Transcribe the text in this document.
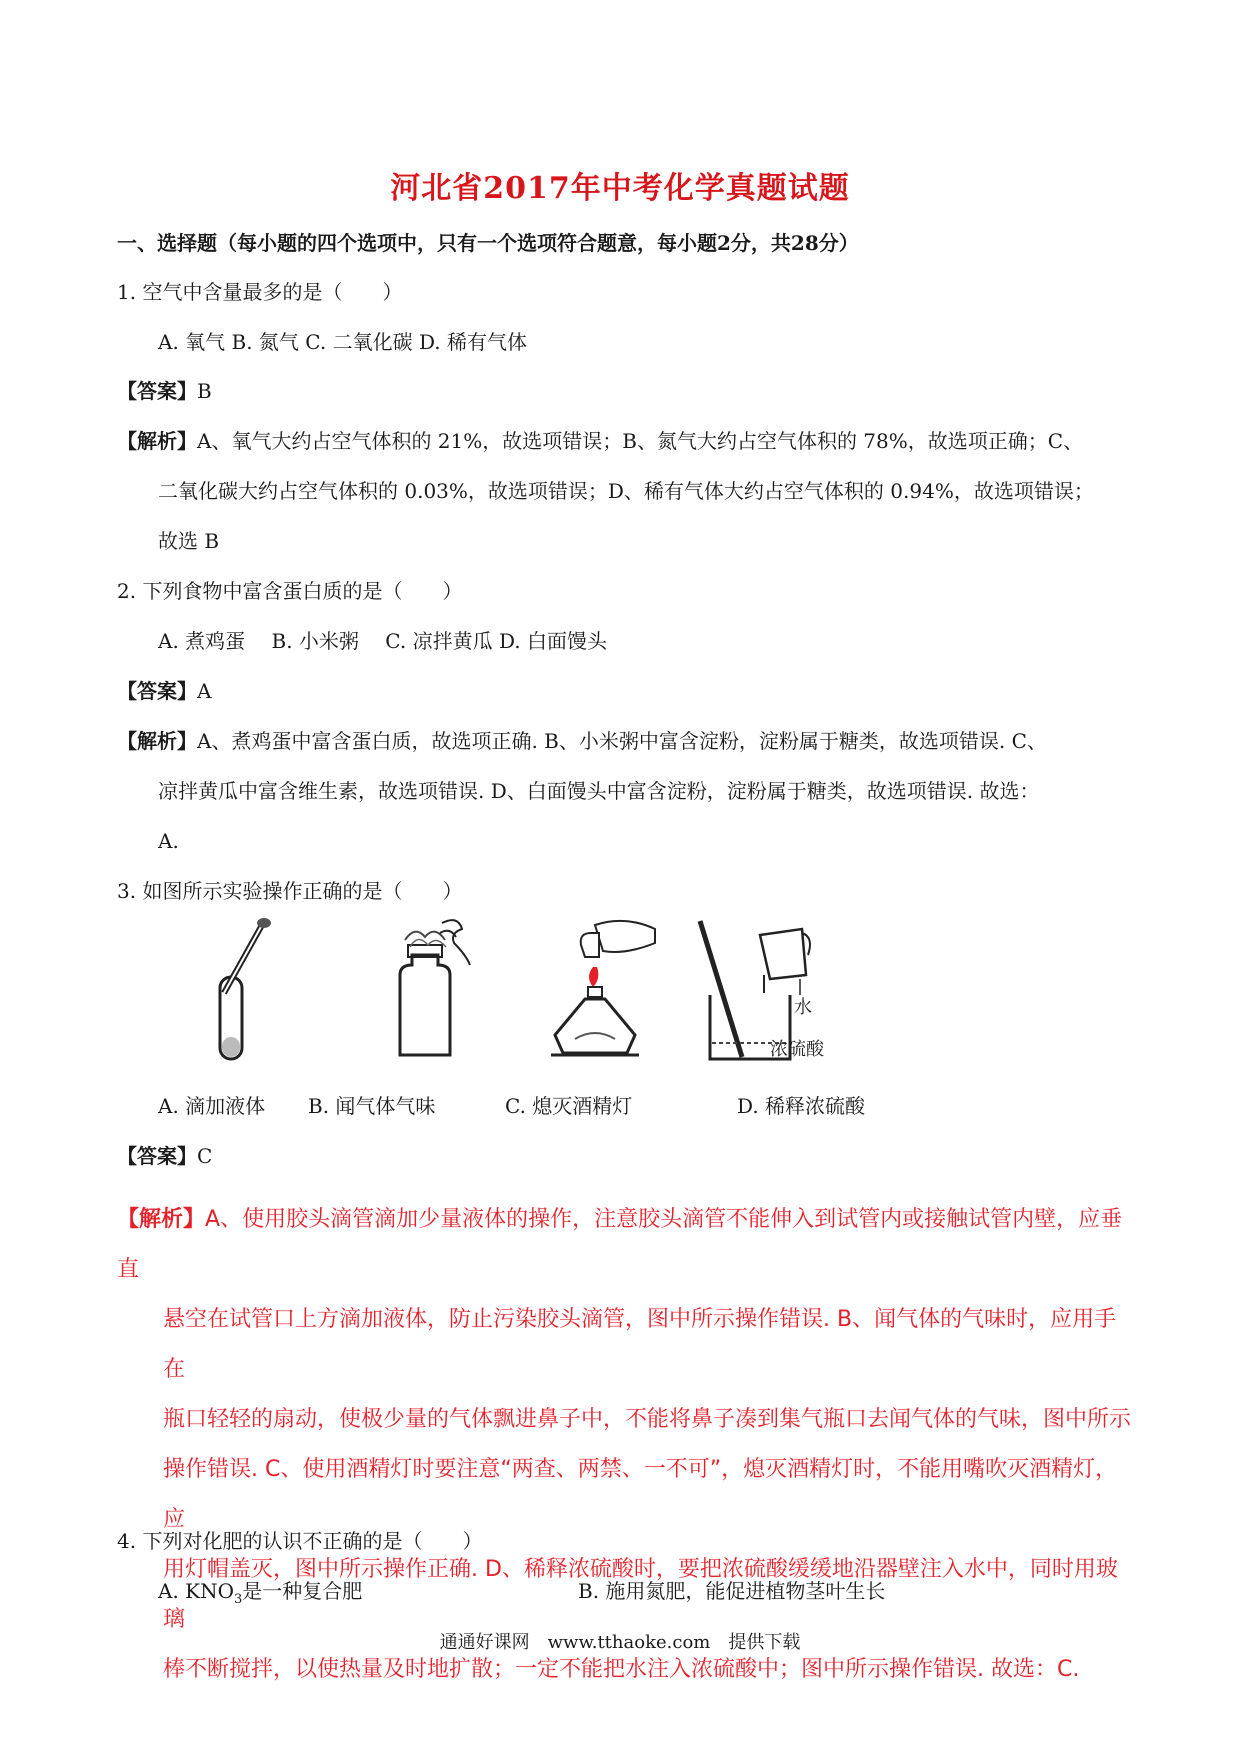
河北省2017年中考化学真题试题
一、选择题（每小题的四个选项中，只有一个选项符合题意，每小题2分，共28分）
1. 空气中含量最多的是（　　）
A. 氧气 B. 氮气 C. 二氧化碳 D. 稀有气体
【答案】B
【解析】A、氧气大约占空气体积的 21%，故选项错误；B、氮气大约占空气体积的 78%，故选项正确；C、
二氧化碳大约占空气体积的 0.03%，故选项错误；D、稀有气体大约占空气体积的 0.94%，故选项错误；
故选 B
2. 下列食物中富含蛋白质的是（　　）
A. 煮鸡蛋　 B. 小米粥　 C. 凉拌黄瓜 D. 白面馒头
【答案】A
【解析】A、煮鸡蛋中富含蛋白质，故选项正确. B、小米粥中富含淀粉，淀粉属于糖类，故选项错误. C、
凉拌黄瓜中富含维生素，故选项错误. D、白面馒头中富含淀粉，淀粉属于糖类，故选项错误. 故选：
A.
3. 如图所示实验操作正确的是（　　）
水
浓硫酸
A. 滴加液体 B. 闻气体气味	C. 熄灭酒精灯	D. 稀释浓硫酸
【答案】C
【解析】A、使用胶头滴管滴加少量液体的操作，注意胶头滴管不能伸入到试管内或接触试管内壁，应垂直
悬空在试管口上方滴加液体，防止污染胶头滴管，图中所示操作错误. B、闻气体的气味时，应用手在
瓶口轻轻的扇动，使极少量的气体飘进鼻子中，不能将鼻子凑到集气瓶口去闻气体的气味，图中所示
操作错误. C、使用酒精灯时要注意“两查、两禁、一不可”，熄灭酒精灯时，不能用嘴吹灭酒精灯，应
用灯帽盖灭，图中所示操作正确. D、稀释浓硫酸时，要把浓硫酸缓缓地沿器壁注入水中，同时用玻璃
棒不断搅拌，以使热量及时地扩散；一定不能把水注入浓硫酸中；图中所示操作错误. 故选：C.
4. 下列对化肥的认识不正确的是（　　）
A. $KNO_3$是一种复合肥	B. 施用氮肥，能促进植物茎叶生长
通通好课网　www.tthaoke.com　提供下载
